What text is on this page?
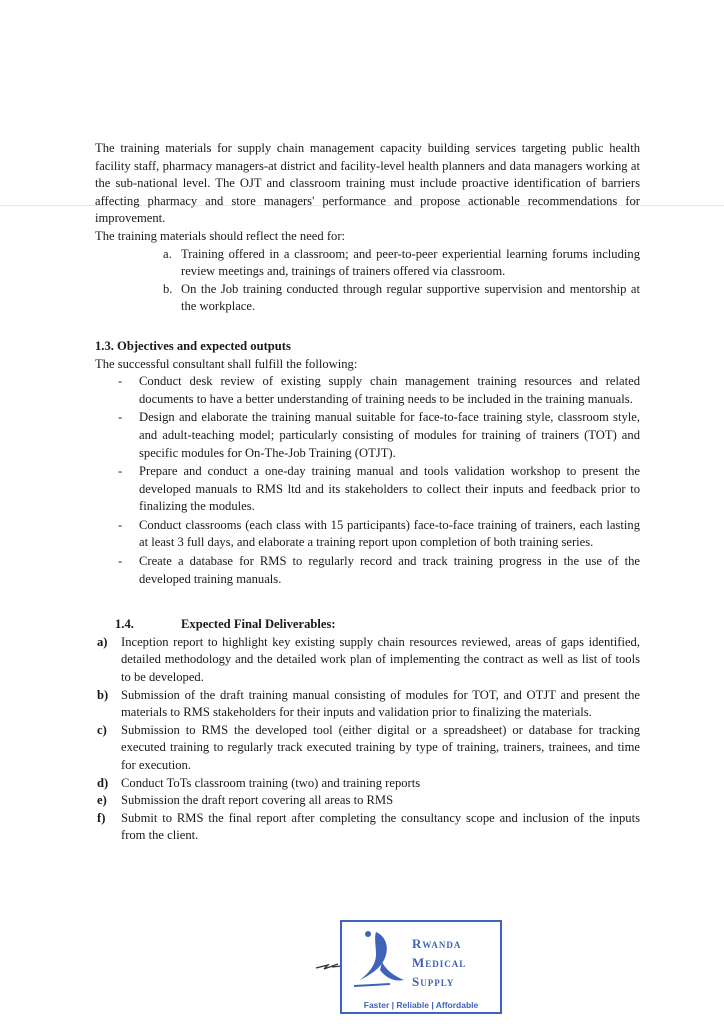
The training materials for supply chain management capacity building services targeting public health facility staff, pharmacy managers-at district and facility-level health planners and data managers working at the sub-national level. The OJT and classroom training must include proactive identification of barriers affecting pharmacy and store managers' performance and propose actionable recommendations for improvement.

The training materials should reflect the need for:

a. Training offered in a classroom; and peer-to-peer experiential learning forums including review meetings and, trainings of trainers offered via classroom.
b. On the Job training conducted through regular supportive supervision and mentorship at the workplace.
1.3. Objectives and expected outputs

The successful consultant shall fulfill the following:

- Conduct desk review of existing supply chain management training resources and related documents to have a better understanding of training needs to be included in the training manuals.
- Design and elaborate the training manual suitable for face-to-face training style, classroom style, and adult-teaching model; particularly consisting of modules for training of trainers (TOT) and specific modules for On-The-Job Training (OTJT).
- Prepare and conduct a one-day training manual and tools validation workshop to present the developed manuals to RMS ltd and its stakeholders to collect their inputs and feedback prior to finalizing the modules.
- Conduct classrooms (each class with 15 participants) face-to-face training of trainers, each lasting at least 3 full days, and elaborate a training report upon completion of both training series.
- Create a database for RMS to regularly record and track training progress in the use of the developed training manuals.
1.4.	Expected Final Deliverables:
a) Inception report to highlight key existing supply chain resources reviewed, areas of gaps identified, detailed methodology and the detailed work plan of implementing the contract as well as list of tools to be developed.
b) Submission of the draft training manual consisting of modules for TOT, and OTJT and present the materials to RMS stakeholders for their inputs and validation prior to finalizing the materials.
c) Submission to RMS the developed tool (either digital or a spreadsheet) or database for tracking executed training to regularly track executed training by type of training, trainers, trainees, and time for execution.
d) Conduct ToTs classroom training (two) and training reports
e) Submission the draft report covering all areas to RMS
f) Submit to RMS the final report after completing the consultancy scope and inclusion of the inputs from the client.
Rwanda
Medical
Supply
Faster | Reliable | Affordable
